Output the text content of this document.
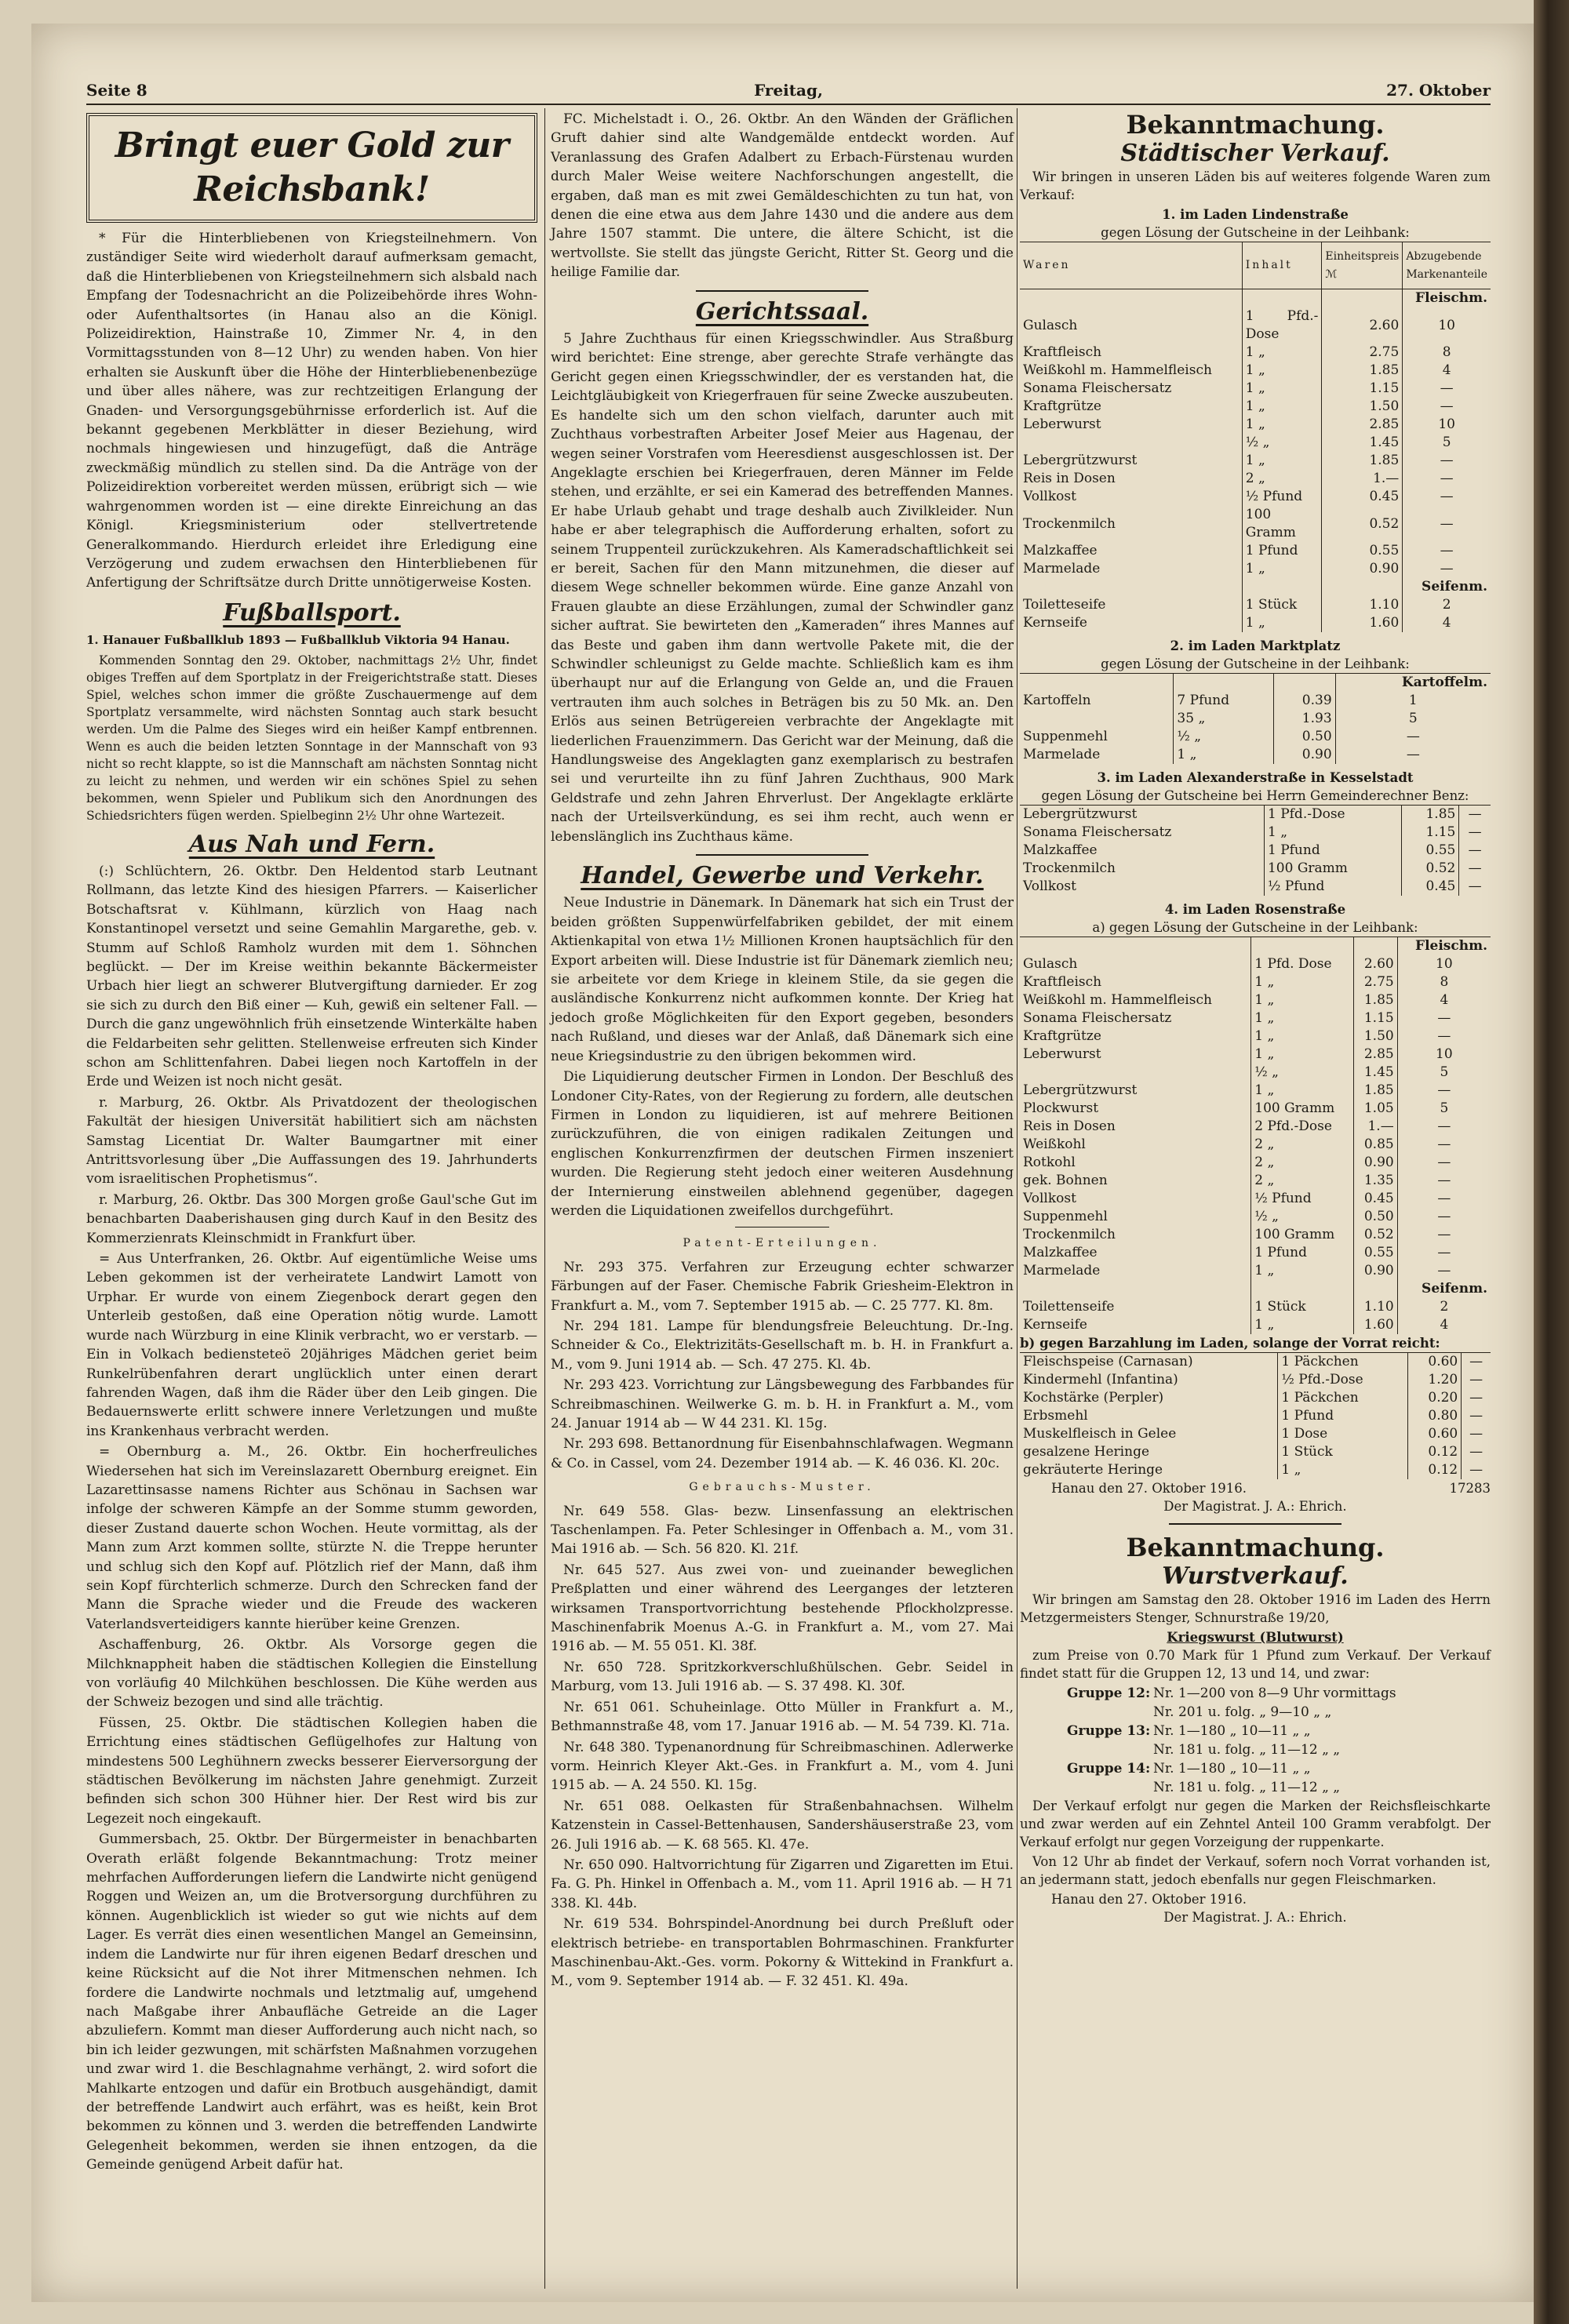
Seite 8	Freitag,	27. Oktober
Bringt euer Gold zur Reichsbank!

* Für die Hinterbliebenen von Kriegsteilnehmern. Von zuständiger Seite wird wiederholt darauf aufmerksam gemacht, daß die Hinterbliebenen von Kriegsteilnehmern sich alsbald nach Empfang der Todesnachricht an die Polizeibehörde ihres Wohn- oder Aufenthaltsortes (in Hanau also an die Königl. Polizeidirektion, Hainstraße 10, Zimmer Nr. 4, in den Vormittagsstunden von 8—12 Uhr) zu wenden haben. Von hier erhalten sie Auskunft über die Höhe der Hinterbliebenenbezüge und über alles nähere, was zur rechtzeitigen Erlangung der Gnaden- und Versorgungsgebührnisse erforderlich ist. Auf die bekannt gegebenen Merkblätter in dieser Beziehung, wird nochmals hingewiesen und hinzugefügt, daß die Anträge zweckmäßig mündlich zu stellen sind. Da die Anträge von der Polizeidirektion vorbereitet werden müssen, erübrigt sich — wie wahrgenommen worden ist — eine direkte Einreichung an das Königl. Kriegsministerium oder stellvertretende Generalkommando. Hierdurch erleidet ihre Erledigung eine Verzögerung und zudem erwachsen den Hinterbliebenen für Anfertigung der Schriftsätze durch Dritte unnötigerweise Kosten.

Fußballsport.

1. Hanauer Fußballklub 1893 — Fußballklub Viktoria 94 Hanau.

Kommenden Sonntag den 29. Oktober, nachmittags 2½ Uhr, findet obiges Treffen auf dem Sportplatz in der Freigerichtstraße statt. Dieses Spiel, welches schon immer die größte Zuschauermenge auf dem Sportplatz versammelte, wird nächsten Sonntag auch stark besucht werden. Um die Palme des Sieges wird ein heißer Kampf entbrennen. Wenn es auch die beiden letzten Sonntage in der Mannschaft von 93 nicht so recht klappte, so ist die Mannschaft am nächsten Sonntag nicht zu leicht zu nehmen, und werden wir ein schönes Spiel zu sehen bekommen, wenn Spieler und Publikum sich den Anordnungen des Schiedsrichters fügen werden. Spielbeginn 2½ Uhr ohne Wartezeit.

Aus Nah und Fern.

(:) Schlüchtern, 26. Oktbr. Den Heldentod starb Leutnant Rollmann, das letzte Kind des hiesigen Pfarrers. — Kaiserlicher Botschaftsrat v. Kühlmann, kürzlich von Haag nach Konstantinopel versetzt und seine Gemahlin Margarethe, geb. v. Stumm auf Schloß Ramholz wurden mit dem 1. Söhnchen beglückt. — Der im Kreise weithin bekannte Bäckermeister Urbach hier liegt an schwerer Blutvergiftung darnieder. Er zog sie sich zu durch den Biß einer — Kuh, gewiß ein seltener Fall. — Durch die ganz ungewöhnlich früh einsetzende Winterkälte haben die Feldarbeiten sehr gelitten. Stellenweise erfreuten sich Kinder schon am Schlittenfahren. Dabei liegen noch Kartoffeln in der Erde und Weizen ist noch nicht gesät.

r. Marburg, 26. Oktbr. Als Privatdozent der theologischen Fakultät der hiesigen Universität habilitiert sich am nächsten Samstag Licentiat Dr. Walter Baumgartner mit einer Antrittsvorlesung über „Die Auffassungen des 19. Jahrhunderts vom israelitischen Prophetismus“.

r. Marburg, 26. Oktbr. Das 300 Morgen große Gaul'sche Gut im benachbarten Daaberishausen ging durch Kauf in den Besitz des Kommerzienrats Kleinschmidt in Frankfurt über.

= Aus Unterfranken, 26. Oktbr. Auf eigentümliche Weise ums Leben gekommen ist der verheiratete Landwirt Lamott von Urphar. Er wurde von einem Ziegenbock derart gegen den Unterleib gestoßen, daß eine Operation nötig wurde. Lamott wurde nach Würzburg in eine Klinik verbracht, wo er verstarb. — Ein in Volkach bediensteteö 20jähriges Mädchen geriet beim Runkelrübenfahren derart unglücklich unter einen derart fahrenden Wagen, daß ihm die Räder über den Leib gingen. Die Bedauernswerte erlitt schwere innere Verletzungen und mußte ins Krankenhaus verbracht werden.

= Obernburg a. M., 26. Oktbr. Ein hocherfreuliches Wiedersehen hat sich im Vereinslazarett Obernburg ereignet. Ein Lazarettinsasse namens Richter aus Schönau in Sachsen war infolge der schweren Kämpfe an der Somme stumm geworden, dieser Zustand dauerte schon Wochen. Heute vormittag, als der Mann zum Arzt kommen sollte, stürzte N. die Treppe herunter und schlug sich den Kopf auf. Plötzlich rief der Mann, daß ihm sein Kopf fürchterlich schmerze. Durch den Schrecken fand der Mann die Sprache wieder und die Freude des wackeren Vaterlandsverteidigers kannte hierüber keine Grenzen.

Aschaffenburg, 26. Oktbr. Als Vorsorge gegen die Milchknappheit haben die städtischen Kollegien die Einstellung von vorläufig 40 Milchkühen beschlossen. Die Kühe werden aus der Schweiz bezogen und sind alle trächtig.

Füssen, 25. Oktbr. Die städtischen Kollegien haben die Errichtung eines städtischen Geflügelhofes zur Haltung von mindestens 500 Leghühnern zwecks besserer Eierversorgung der städtischen Bevölkerung im nächsten Jahre genehmigt. Zurzeit befinden sich schon 300 Hühner hier. Der Rest wird bis zur Legezeit noch eingekauft.

Gummersbach, 25. Oktbr. Der Bürgermeister in benachbarten Overath erläßt folgende Bekanntmachung: Trotz meiner mehrfachen Aufforderungen liefern die Landwirte nicht genügend Roggen und Weizen an, um die Brotversorgung durchführen zu können. Augenblicklich ist wieder so gut wie nichts auf dem Lager. Es verrät dies einen wesentlichen Mangel an Gemeinsinn, indem die Landwirte nur für ihren eigenen Bedarf dreschen und keine Rücksicht auf die Not ihrer Mitmenschen nehmen. Ich fordere die Landwirte nochmals und letztmalig auf, umgehend nach Maßgabe ihrer Anbaufläche Getreide an die Lager abzuliefern. Kommt man dieser Aufforderung auch nicht nach, so bin ich leider gezwungen, mit schärfsten Maßnahmen vorzugehen und zwar wird 1. die Beschlagnahme verhängt, 2. wird sofort die Mahlkarte entzogen und dafür ein Brotbuch ausgehändigt, damit der betreffende Landwirt auch erfährt, was es heißt, kein Brot bekommen zu können und 3. werden die betreffenden Landwirte Gelegenheit bekommen, werden sie ihnen entzogen, da die Gemeinde genügend Arbeit dafür hat.

FC. Michelstadt i. O., 26. Oktbr. An den Wänden der Gräflichen Gruft dahier sind alte Wandgemälde entdeckt worden. Auf Veranlassung des Grafen Adalbert zu Erbach-Fürstenau wurden durch Maler Weise weitere Nachforschungen angestellt, die ergaben, daß man es mit zwei Gemäldeschichten zu tun hat, von denen die eine etwa aus dem Jahre 1430 und die andere aus dem Jahre 1507 stammt. Die untere, die ältere Schicht, ist die wertvollste. Sie stellt das jüngste Gericht, Ritter St. Georg und die heilige Familie dar.

Gerichtssaal.

5 Jahre Zuchthaus für einen Kriegsschwindler. Aus Straßburg wird berichtet: Eine strenge, aber gerechte Strafe verhängte das Gericht gegen einen Kriegsschwindler, der es verstanden hat, die Leichtgläubigkeit von Kriegerfrauen für seine Zwecke auszubeuten. Es handelte sich um den schon vielfach, darunter auch mit Zuchthaus vorbestraften Arbeiter Josef Meier aus Hagenau, der wegen seiner Vorstrafen vom Heeresdienst ausgeschlossen ist. Der Angeklagte erschien bei Kriegerfrauen, deren Männer im Felde stehen, und erzählte, er sei ein Kamerad des betreffenden Mannes. Er habe Urlaub gehabt und trage deshalb auch Zivilkleider. Nun habe er aber telegraphisch die Aufforderung erhalten, sofort zu seinem Truppenteil zurückzukehren. Als Kameradschaftlichkeit sei er bereit, Sachen für den Mann mitzunehmen, die dieser auf diesem Wege schneller bekommen würde. Eine ganze Anzahl von Frauen glaubte an diese Erzählungen, zumal der Schwindler ganz sicher auftrat. Sie bewirteten den „Kameraden“ ihres Mannes auf das Beste und gaben ihm dann wertvolle Pakete mit, die der Schwindler schleunigst zu Gelde machte. Schließlich kam es ihm überhaupt nur auf die Erlangung von Gelde an, und die Frauen vertrauten ihm auch solches in Beträgen bis zu 50 Mk. an. Den Erlös aus seinen Betrügereien verbrachte der Angeklagte mit liederlichen Frauenzimmern. Das Gericht war der Meinung, daß die Handlungsweise des Angeklagten ganz exemplarisch zu bestrafen sei und verurteilte ihn zu fünf Jahren Zuchthaus, 900 Mark Geldstrafe und zehn Jahren Ehrverlust. Der Angeklagte erklärte nach der Urteilsverkündung, es sei ihm recht, auch wenn er lebenslänglich ins Zuchthaus käme.

Handel, Gewerbe und Verkehr.

Neue Industrie in Dänemark. In Dänemark hat sich ein Trust der beiden größten Suppenwürfelfabriken gebildet, der mit einem Aktienkapital von etwa 1½ Millionen Kronen hauptsächlich für den Export arbeiten will. Diese Industrie ist für Dänemark ziemlich neu; sie arbeitete vor dem Kriege in kleinem Stile, da sie gegen die ausländische Konkurrenz nicht aufkommen konnte. Der Krieg hat jedoch große Möglichkeiten für den Export gegeben, besonders nach Rußland, und dieses war der Anlaß, daß Dänemark sich eine neue Kriegsindustrie zu den übrigen bekommen wird.

Die Liquidierung deutscher Firmen in London. Der Beschluß des Londoner City-Rates, von der Regierung zu fordern, alle deutschen Firmen in London zu liquidieren, ist auf mehrere Beitionen zurückzuführen, die von einigen radikalen Zeitungen und englischen Konkurrenzfirmen der deutschen Firmen inszeniert wurden. Die Regierung steht jedoch einer weiteren Ausdehnung der Internierung einstweilen ablehnend gegenüber, dagegen werden die Liquidationen zweifellos durchgeführt.

Patent-Erteilungen.

Nr. 293 375. Verfahren zur Erzeugung echter schwarzer Färbungen auf der Faser. Chemische Fabrik Griesheim-Elektron in Frankfurt a. M., vom 7. September 1915 ab. — C. 25 777. Kl. 8m.

Nr. 294 181. Lampe für blendungsfreie Beleuchtung. Dr.-Ing. Schneider & Co., Elektrizitäts-Gesellschaft m. b. H. in Frankfurt a. M., vom 9. Juni 1914 ab. — Sch. 47 275. Kl. 4b.

Nr. 293 423. Vorrichtung zur Längsbewegung des Farbbandes für Schreibmaschinen. Weilwerke G. m. b. H. in Frankfurt a. M., vom 24. Januar 1914 ab — W 44 231. Kl. 15g.

Nr. 293 698. Bettanordnung für Eisenbahnschlafwagen. Wegmann & Co. in Cassel, vom 24. Dezember 1914 ab. — K. 46 036. Kl. 20c.

Gebrauchs-Muster.

Nr. 649 558. Glas- bezw. Linsenfassung an elektrischen Taschenlampen. Fa. Peter Schlesinger in Offenbach a. M., vom 31. Mai 1916 ab. — Sch. 56 820. Kl. 21f.

Nr. 645 527. Aus zwei von- und zueinander beweglichen Preßplatten und einer während des Leerganges der letzteren wirksamen Transportvorrichtung bestehende Pflockholzpresse. Maschinenfabrik Moenus A.-G. in Frankfurt a. M., vom 27. Mai 1916 ab. — M. 55 051. Kl. 38f.

Nr. 650 728. Spritzkorkverschlußhülschen. Gebr. Seidel in Marburg, vom 13. Juli 1916 ab. — S. 37 498. Kl. 30f.

Nr. 651 061. Schuheinlage. Otto Müller in Frankfurt a. M., Bethmannstraße 48, vom 17. Januar 1916 ab. — M. 54 739. Kl. 71a.

Nr. 648 380. Typenanordnung für Schreibmaschinen. Adlerwerke vorm. Heinrich Kleyer Akt.-Ges. in Frankfurt a. M., vom 4. Juni 1915 ab. — A. 24 550. Kl. 15g.

Nr. 651 088. Oelkasten für Straßenbahnachsen. Wilhelm Katzenstein in Cassel-Bettenhausen, Sandershäuserstraße 23, vom 26. Juli 1916 ab. — K. 68 565. Kl. 47e.

Nr. 650 090. Haltvorrichtung für Zigarren und Zigaretten im Etui. Fa. G. Ph. Hinkel in Offenbach a. M., vom 11. April 1916 ab. — H 71 338. Kl. 44b.

Nr. 619 534. Bohrspindel-Anordnung bei durch Preßluft oder elektrisch betriebe- en transportablen Bohrmaschinen. Frankfurter Maschinenbau-Akt.-Ges. vorm. Pokorny & Wittekind in Frankfurt a. M., vom 9. September 1914 ab. — F. 32 451. Kl. 49a.

Bekanntmachung.
Städtischer Verkauf.

Wir bringen in unseren Läden bis auf weiteres folgende Waren zum Verkauf:

1. im Laden Lindenstraße
gegen Lösung der Gutscheine in der Leihbank:
Waren	Inhalt	Einheitspreis ℳ	Abzugebende Markenanteile
			Fleischm.
Gulasch	1 Pfd.-Dose	2.60	10
Kraftfleisch	1 „	2.75	8
Weißkohl m. Hammelfleisch	1 „	1.85	4
Sonama Fleischersatz	1 „	1.15	—
Kraftgrütze	1 „	1.50	—
Leberwurst	1 „	2.85	10
	½ „	1.45	5
Lebergrützwurst	1 „	1.85	—
Reis in Dosen	2 „	1.—	—
Vollkost	½ Pfund	0.45	—
Trockenmilch	100 Gramm	0.52	—
Malzkaffee	1 Pfund	0.55	—
Marmelade	1 „	0.90	—
			Seifenm.
Toiletteseife	1 Stück	1.10	2
Kernseife	1 „	1.60	4
2. im Laden Marktplatz
gegen Lösung der Gutscheine in der Leihbank:
			Kartoffelm.
Kartoffeln	7 Pfund	0.39	1
	35 „	1.93	5
Suppenmehl	½ „	0.50	—
Marmelade	1 „	0.90	—
3. im Laden Alexanderstraße in Kesselstadt
gegen Lösung der Gutscheine bei Herrn Gemeinderechner Benz:
Lebergrützwurst	1 Pfd.-Dose	1.85	—
Sonama Fleischersatz	1 „	1.15	—
Malzkaffee	1 Pfund	0.55	—
Trockenmilch	100 Gramm	0.52	—
Vollkost	½ Pfund	0.45	—
4. im Laden Rosenstraße
a) gegen Lösung der Gutscheine in der Leihbank:
			Fleischm.
Gulasch	1 Pfd. Dose	2.60	10
Kraftfleisch	1 „	2.75	8
Weißkohl m. Hammelfleisch	1 „	1.85	4
Sonama Fleischersatz	1 „	1.15	—
Kraftgrütze	1 „	1.50	—
Leberwurst	1 „	2.85	10
	½ „	1.45	5
Lebergrützwurst	1 „	1.85	—
Plockwurst	100 Gramm	1.05	5
Reis in Dosen	2 Pfd.-Dose	1.—	—
Weißkohl	2 „	0.85	—
Rotkohl	2 „	0.90	—
gek. Bohnen	2 „	1.35	—
Vollkost	½ Pfund	0.45	—
Suppenmehl	½ „	0.50	—
Trockenmilch	100 Gramm	0.52	—
Malzkaffee	1 Pfund	0.55	—
Marmelade	1 „	0.90	—
			Seifenm.
Toilettenseife	1 Stück	1.10	2
Kernseife	1 „	1.60	4
b) gegen Barzahlung im Laden, solange der Vorrat reicht:
Fleischspeise (Carnasan)	1 Päckchen	0.60	—
Kindermehl (Infantina)	½ Pfd.-Dose	1.20	—
Kochstärke (Perpler)	1 Päckchen	0.20	—
Erbsmehl	1 Pfund	0.80	—
Muskelfleisch in Gelee	1 Dose	0.60	—
gesalzene Heringe	1 Stück	0.12	—
gekräuterte Heringe	1 „	0.12	—
Hanau den 27. Oktober 1916.	17283
Der Magistrat. J. A.: Ehrich.
Bekanntmachung.
Wurstverkauf.

Wir bringen am Samstag den 28. Oktober 1916 im Laden des Herrn Metzgermeisters Stenger, Schnurstraße 19/20,

Kriegswurst (Blutwurst)

zum Preise von 0.70 Mark für 1 Pfund zum Verkauf. Der Verkauf findet statt für die Gruppen 12, 13 und 14, und zwar:

Gruppe 12: Nr. 1—200 von 8—9 Uhr vormittags
Nr. 201 u. folg. „ 9—10 „ „
Gruppe 13: Nr. 1—180 „ 10—11 „ „
Nr. 181 u. folg. „ 11—12 „ „
Gruppe 14: Nr. 1—180 „ 10—11 „ „
Nr. 181 u. folg. „ 11—12 „ „

Der Verkauf erfolgt nur gegen die Marken der Reichsfleischkarte und zwar werden auf ein Zehntel Anteil 100 Gramm verabfolgt. Der Verkauf erfolgt nur gegen Vorzeigung der ruppenkarte.

Von 12 Uhr ab findet der Verkauf, sofern noch Vorrat vorhanden ist, an jedermann statt, jedoch ebenfalls nur gegen Fleischmarken.

Hanau den 27. Oktober 1916.
Der Magistrat. J. A.: Ehrich.
